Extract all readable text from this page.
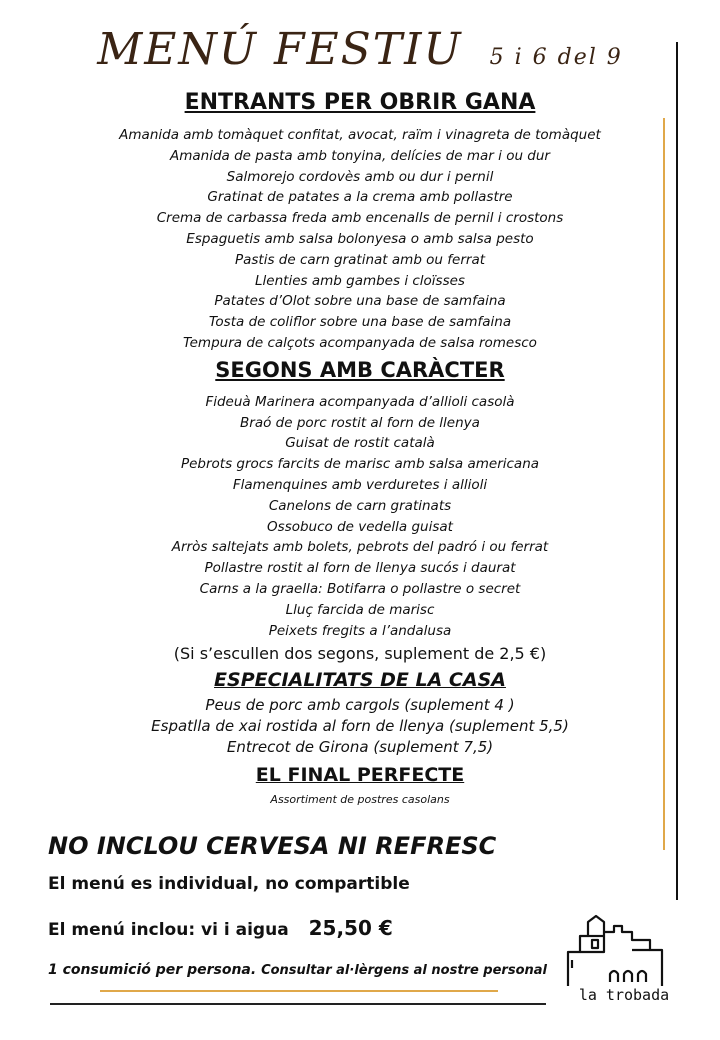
MENÚ FESTIU 5 i 6 del 9
ENTRANTS PER OBRIR GANA
Amanida amb tomàquet confitat, avocat, raïm i vinagreta de tomàquet
Amanida de pasta amb tonyina, delícies de mar i ou dur
Salmorejo cordovès amb ou dur i pernil
Gratinat de patates a la crema amb pollastre
Crema de carbassa freda amb encenalls de pernil i crostons
Espaguetis amb salsa bolonyesa o amb salsa pesto
Pastis de carn gratinat amb ou ferrat
Llenties amb gambes i cloïsses
Patates d’Olot sobre una base de samfaina
Tosta de coliflor sobre una base de samfaina
Tempura de calçots acompanyada de salsa romesco
SEGONS AMB CARÀCTER
Fideuà Marinera acompanyada d’allioli casolà
Braó de porc rostit al forn de llenya
Guisat de rostit català
Pebrots grocs farcits de marisc amb salsa americana
Flamenquines amb verduretes i allioli
Canelons de carn gratinats
Ossobuco de vedella guisat
Arròs saltejats amb bolets, pebrots del padró i ou ferrat
Pollastre rostit al forn de llenya sucós i daurat
Carns a la graella: Botifarra o pollastre o secret
Lluç farcida de marisc
Peixets fregits a l’andalusa
(Si s’escullen dos segons, suplement de 2,5 €)
ESPECIALITATS DE LA CASA
Peus de porc amb cargols (suplement 4 )
Espatlla de xai rostida al forn de llenya (suplement 5,5)
Entrecot de Girona (suplement 7,5)
EL FINAL PERFECTE
Assortiment de postres casolans
NO INCLOU CERVESA NI REFRESC
El menú es individual, no compartible
El menú inclou: vi i aigua 25,50 €
1 consumició per persona. Consultar al·lèrgens al nostre personal
la trobada
